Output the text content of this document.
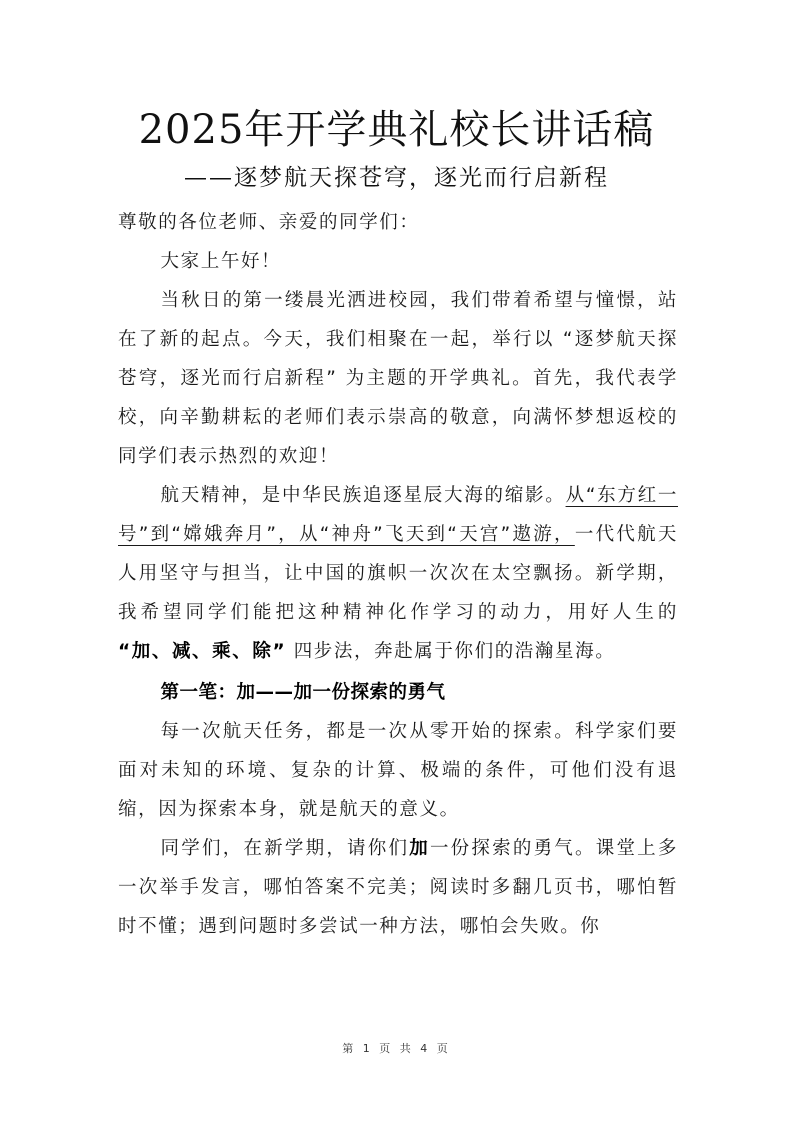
2025年开学典礼校长讲话稿
——逐梦航天探苍穹，逐光而行启新程

尊敬的各位老师、亲爱的同学们：

大家上午好！

当秋日的第一缕晨光洒进校园，我们带着希望与憧憬，站在了新的起点。今天，我们相聚在一起，举行以 “逐梦航天探苍穹，逐光而行启新程” 为主题的开学典礼。首先，我代表学校，向辛勤耕耘的老师们表示崇高的敬意，向满怀梦想返校的同学们表示热烈的欢迎！

航天精神，是中华民族追逐星辰大海的缩影。从“东方红一号”到“嫦娥奔月”，从“神舟”飞天到“天宫”遨游，一代代航天人用坚守与担当，让中国的旗帜一次次在太空飘扬。新学期，我希望同学们能把这种精神化作学习的动力，用好人生的 “加、减、乘、除” 四步法，奔赴属于你们的浩瀚星海。

第一笔：加——加一份探索的勇气

每一次航天任务，都是一次从零开始的探索。科学家们要面对未知的环境、复杂的计算、极端的条件，可他们没有退缩，因为探索本身，就是航天的意义。

同学们，在新学期，请你们加一份探索的勇气。课堂上多一次举手发言，哪怕答案不完美；阅读时多翻几页书，哪怕暂时不懂；遇到问题时多尝试一种方法，哪怕会失败。你

第 1 页 共 4 页
